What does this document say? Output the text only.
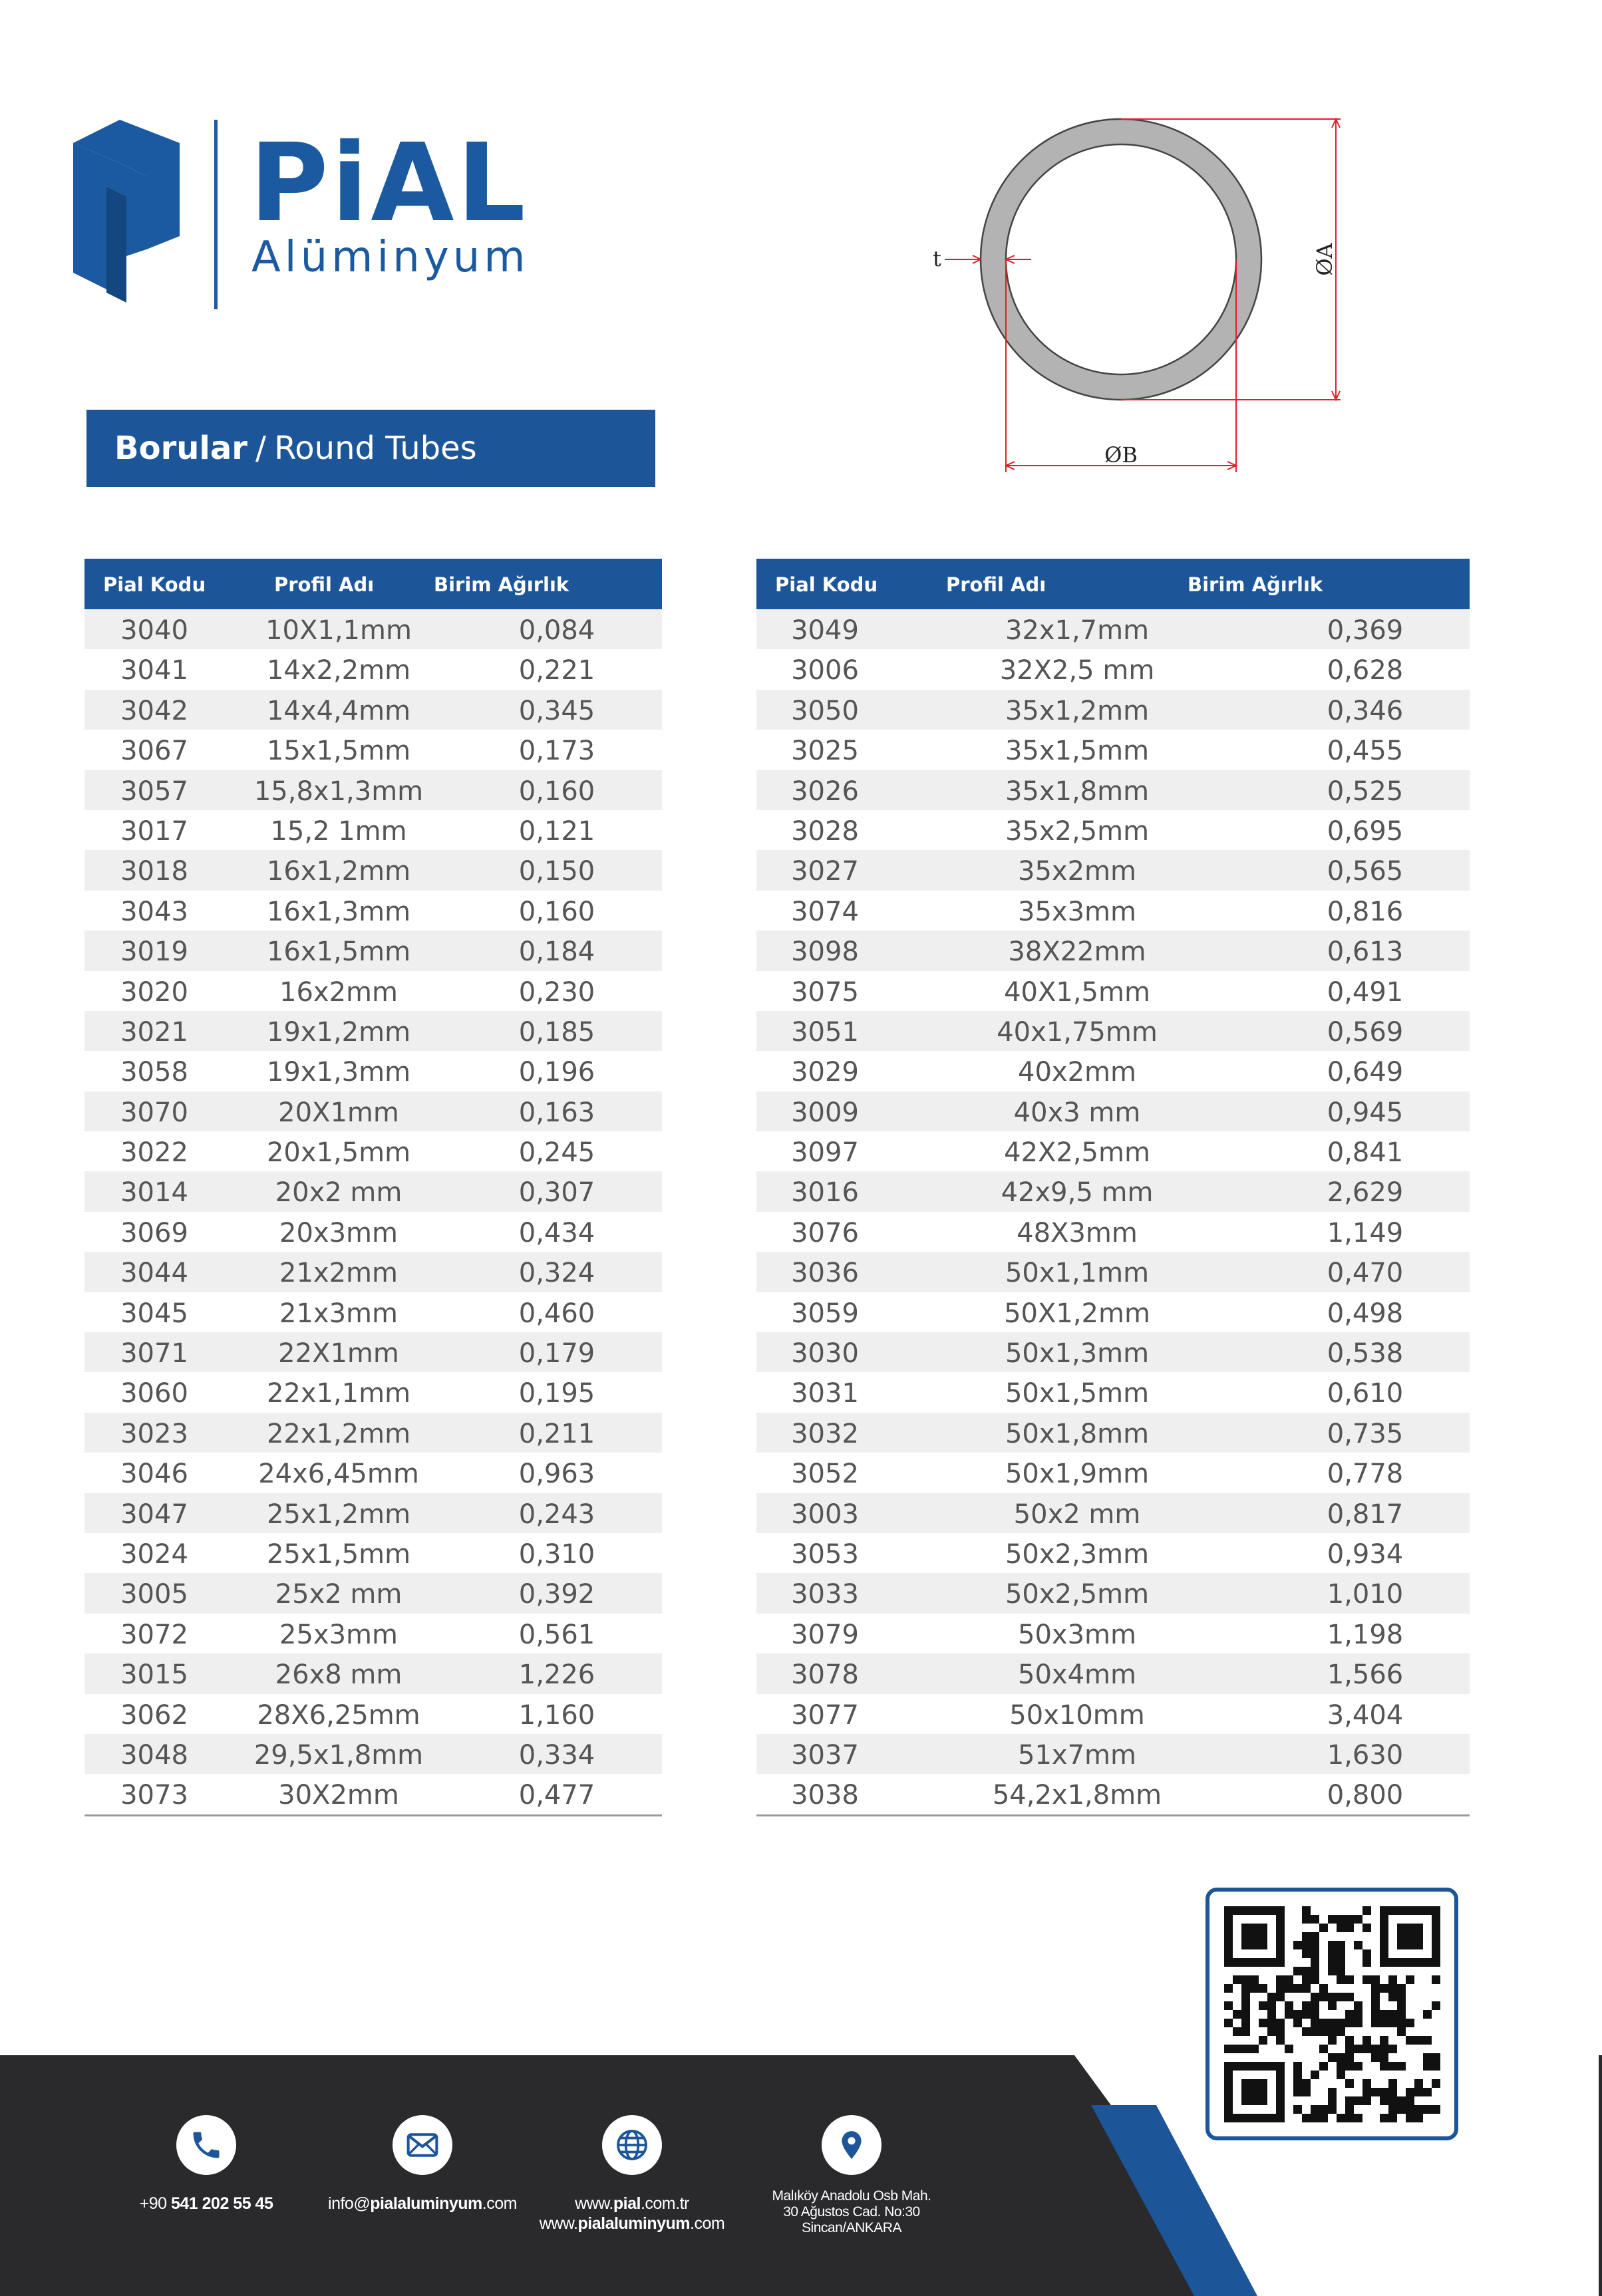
PiAL
Alüminyum
Borular / Round Tubes
t
ØB
ØA
Pial Kodu	Profil Adı	Birim Ağırlık
3040	10X1,1mm	0,084
3041	14x2,2mm	0,221
3042	14x4,4mm	0,345
3067	15x1,5mm	0,173
3057 15,8x1,3mm	0,160
3017	15,2 1mm	0,121
3018	16x1,2mm	0,150
3043	16x1,3mm	0,160
3019	16x1,5mm	0,184
3020	16x2mm	0,230
3021	19x1,2mm	0,185
3058	19x1,3mm	0,196
3070	20X1mm	0,163
3022	20x1,5mm	0,245
3014	20x2 mm	0,307
3069	20x3mm	0,434
3044	21x2mm	0,324
3045	21x3mm	0,460
3071	22X1mm	0,179
3060	22x1,1mm	0,195
3023	22x1,2mm	0,211
3046	24x6,45mm	0,963
3047	25x1,2mm	0,243
3024	25x1,5mm	0,310
3005	25x2 mm	0,392
3072	25x3mm	0,561
3015	26x8 mm	1,226
3062	28X6,25mm	1,160
3048 29,5x1,8mm	0,334
3073	30X2mm	0,477
Pial Kodu	Profil Adı	Birim Ağırlık
3049	32x1,7mm	0,369
3006	32X2,5 mm	0,628
3050	35x1,2mm	0,346
3025	35x1,5mm	0,455
3026	35x1,8mm	0,525
3028	35x2,5mm	0,695
3027	35x2mm	0,565
3074	35x3mm	0,816
3098	38X22mm	0,613
3075	40X1,5mm	0,491
3051	40x1,75mm	0,569
3029	40x2mm	0,649
3009	40x3 mm	0,945
3097	42X2,5mm	0,841
3016	42x9,5 mm	2,629
3076	48X3mm	1,149
3036	50x1,1mm	0,470
3059	50X1,2mm	0,498
3030	50x1,3mm	0,538
3031	50x1,5mm	0,610
3032	50x1,8mm	0,735
3052	50x1,9mm	0,778
3003	50x2 mm	0,817
3053	50x2,3mm	0,934
3033	50x2,5mm	1,010
3079	50x3mm	1,198
3078	50x4mm	1,566
3077	50x10mm	3,404
3037	51x7mm	1,630
3038	54,2x1,8mm	0,800
+90 541 202 55 45	info@pialaluminyum.com	www.pial.com.tr
www.pialaluminyum.com
Malıköy Anadolu Osb Mah.
30 Ağustos Cad. No:30
Sincan/ANKARA
